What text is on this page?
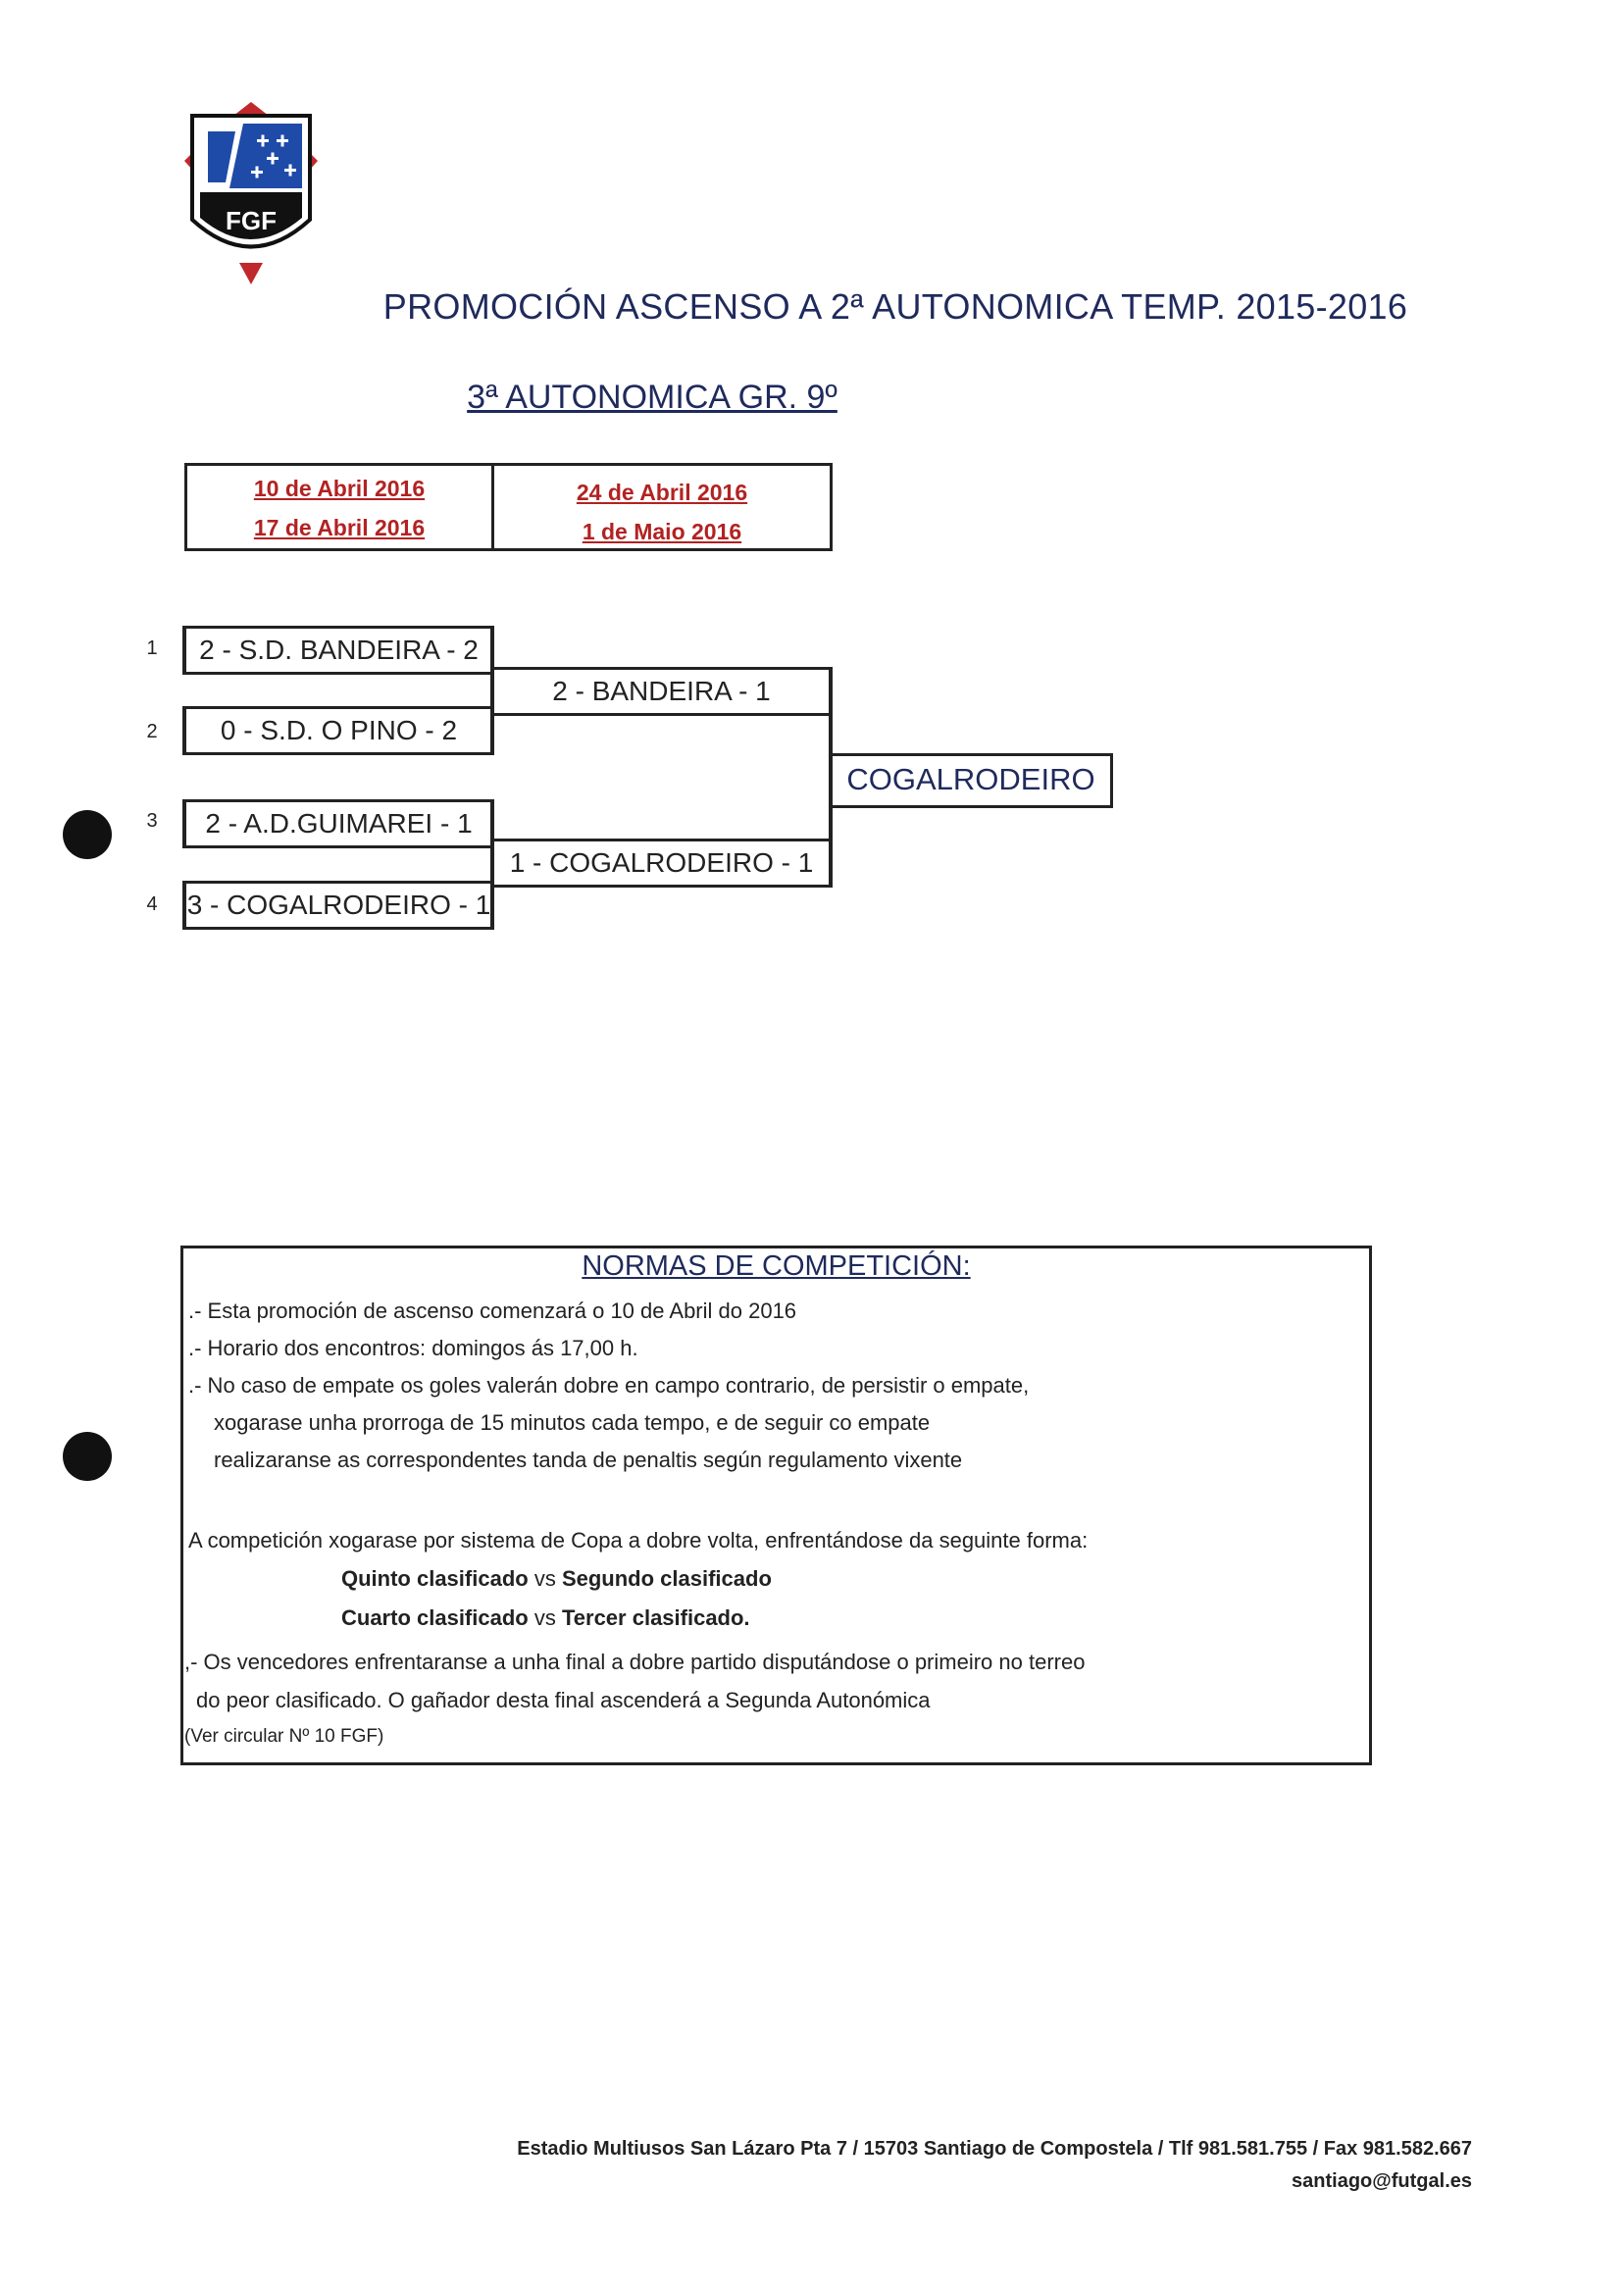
FGF
PROMOCIÓN ASCENSO A 2ª AUTONOMICA TEMP. 2015-2016
3ª AUTONOMICA GR. 9º
10 de Abril 2016
17 de Abril 2016
24 de Abril 2016
1 de Maio 2016
1
2
3
4
2 - S.D. BANDEIRA - 2
0 - S.D. O PINO - 2
2 - A.D.GUIMAREI - 1
3 - COGALRODEIRO - 1
2 - BANDEIRA - 1
1 - COGALRODEIRO - 1
COGALRODEIRO
NORMAS DE COMPETICIÓN:
.- Esta promoción de ascenso comenzará o 10 de Abril do 2016
.- Horario dos encontros: domingos ás 17,00 h.
.- No caso de empate os goles valerán dobre en campo contrario, de persistir o empate,
xogarase unha prorroga de 15 minutos cada tempo, e de seguir co empate
realizaranse as correspondentes tanda de penaltis según regulamento vixente
A competición xogarase por sistema de Copa a dobre volta, enfrentándose da seguinte forma:
Quinto clasificado vs Segundo clasificado
Cuarto clasificado vs Tercer clasificado.
,- Os vencedores enfrentaranse a unha final a dobre partido disputándose o primeiro no terreo
do peor clasificado. O gañador desta final ascenderá a Segunda Autonómica
(Ver circular Nº 10 FGF)
Estadio Multiusos San Lázaro Pta 7 / 15703 Santiago de Compostela / Tlf 981.581.755 / Fax 981.582.667
santiago@futgal.es
